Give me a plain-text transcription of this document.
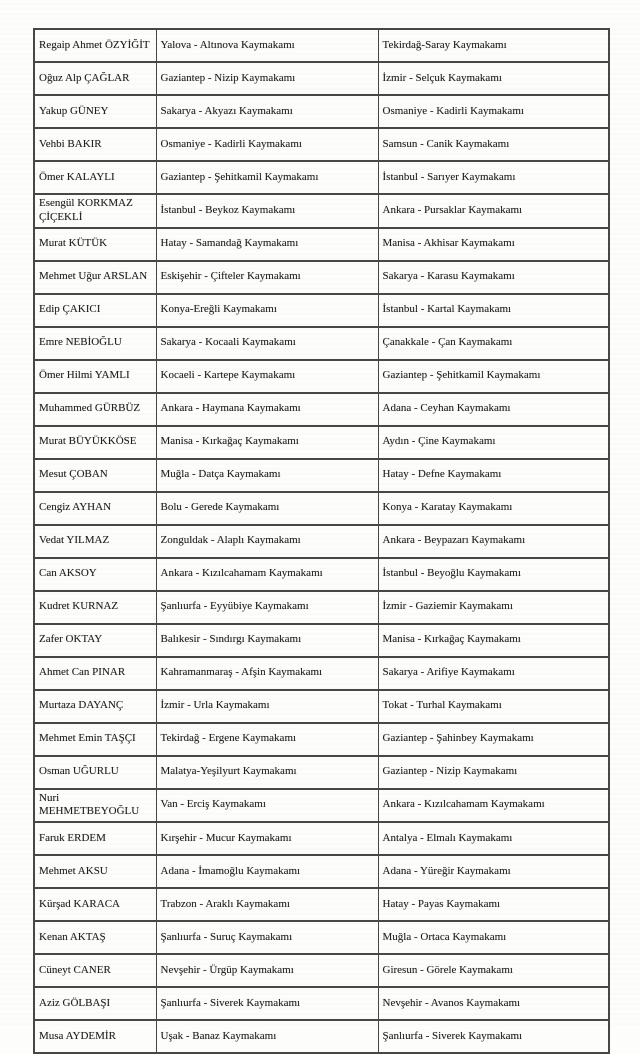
Regaip Ahmet ÖZYİĞİT	Yalova - Altınova Kaymakamı	Tekirdağ-Saray Kaymakamı
Oğuz Alp ÇAĞLAR	Gaziantep - Nizip Kaymakamı	İzmir - Selçuk Kaymakamı
Yakup GÜNEY	Sakarya - Akyazı Kaymakamı	Osmaniye - Kadirli Kaymakamı
Vehbi BAKIR	Osmaniye - Kadirli Kaymakamı	Samsun - Canik Kaymakamı
Ömer KALAYLI	Gaziantep - Şehitkamil Kaymakamı	İstanbul - Sarıyer Kaymakamı
Esengül KORKMAZ ÇİÇEKLİ	İstanbul - Beykoz Kaymakamı	Ankara - Pursaklar Kaymakamı
Murat KÜTÜK	Hatay - Samandağ Kaymakamı	Manisa - Akhisar Kaymakamı
Mehmet Uğur ARSLAN	Eskişehir - Çifteler Kaymakamı	Sakarya - Karasu Kaymakamı
Edip ÇAKICI	Konya-Ereğli Kaymakamı	İstanbul - Kartal Kaymakamı
Emre NEBİOĞLU	Sakarya - Kocaali Kaymakamı	Çanakkale - Çan Kaymakamı
Ömer Hilmi YAMLI	Kocaeli - Kartepe Kaymakamı	Gaziantep - Şehitkamil Kaymakamı
Muhammed GÜRBÜZ	Ankara - Haymana Kaymakamı	Adana - Ceyhan Kaymakamı
Murat BÜYÜKKÖSE	Manisa - Kırkağaç Kaymakamı	Aydın - Çine Kaymakamı
Mesut ÇOBAN	Muğla - Datça Kaymakamı	Hatay - Defne Kaymakamı
Cengiz AYHAN	Bolu - Gerede Kaymakamı	Konya - Karatay Kaymakamı
Vedat YILMAZ	Zonguldak - Alaplı Kaymakamı	Ankara - Beypazarı Kaymakamı
Can AKSOY	Ankara - Kızılcahamam Kaymakamı	İstanbul - Beyoğlu Kaymakamı
Kudret KURNAZ	Şanlıurfa - Eyyübiye Kaymakamı	İzmir - Gaziemir Kaymakamı
Zafer OKTAY	Balıkesir - Sındırgı Kaymakamı	Manisa - Kırkağaç Kaymakamı
Ahmet Can PINAR	Kahramanmaraş - Afşin Kaymakamı	Sakarya - Arifiye Kaymakamı
Murtaza DAYANÇ	İzmir - Urla Kaymakamı	Tokat - Turhal Kaymakamı
Mehmet Emin TAŞÇI	Tekirdağ - Ergene Kaymakamı	Gaziantep - Şahinbey Kaymakamı
Osman UĞURLU	Malatya-Yeşilyurt Kaymakamı	Gaziantep - Nizip Kaymakamı
Nuri MEHMETBEYOĞLU	Van - Erciş Kaymakamı	Ankara - Kızılcahamam Kaymakamı
Faruk ERDEM	Kırşehir - Mucur Kaymakamı	Antalya - Elmalı Kaymakamı
Mehmet AKSU	Adana - İmamoğlu Kaymakamı	Adana - Yüreğir Kaymakamı
Kürşad KARACA	Trabzon - Araklı Kaymakamı	Hatay - Payas Kaymakamı
Kenan AKTAŞ	Şanlıurfa - Suruç Kaymakamı	Muğla - Ortaca Kaymakamı
Cüneyt CANER	Nevşehir - Ürgüp Kaymakamı	Giresun - Görele Kaymakamı
Aziz GÖLBAŞI	Şanlıurfa - Siverek Kaymakamı	Nevşehir - Avanos Kaymakamı
Musa AYDEMİR	Uşak - Banaz Kaymakamı	Şanlıurfa - Siverek Kaymakamı
